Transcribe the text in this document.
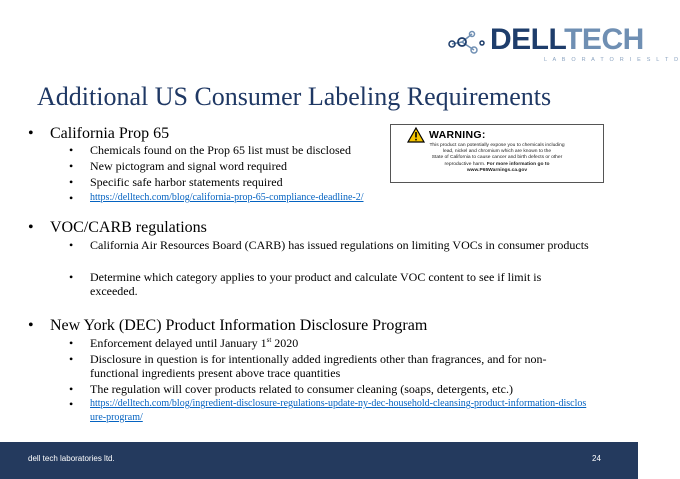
DELLTECH
L A B O R A T O R I E S L T D
Additional US Consumer Labeling Requirements
WARNING:
This product can potentially expose you to chemicals including
lead, nickel and chromium which are known to the
State of California to cause cancer and birth defects or other
reproductive harm. For more information go to
www.P65Warnings.ca.gov
• California Prop 65
• Chemicals found on the Prop 65 list must be disclosed
• New pictogram and signal word required
• Specific safe harbor statements required
• https://delltech.com/blog/california-prop-65-compliance-deadline-2/
• VOC/CARB regulations
• California Air Resources Board (CARB) has issued regulations on limiting VOCs in consumer products
• Determine which category applies to your product and calculate VOC content to see if limit is exceeded.
• New York (DEC) Product Information Disclosure Program
• Enforcement delayed until January 1st 2020
• Disclosure in question is for intentionally added ingredients other than fragrances, and for non-functional ingredients present above trace quantities
• The regulation will cover products related to consumer cleaning (soaps, detergents, etc.)
• https://delltech.com/blog/ingredient-disclosure-regulations-update-ny-dec-household-cleansing-product-information-disclosure-program/
dell tech laboratories ltd.	24
